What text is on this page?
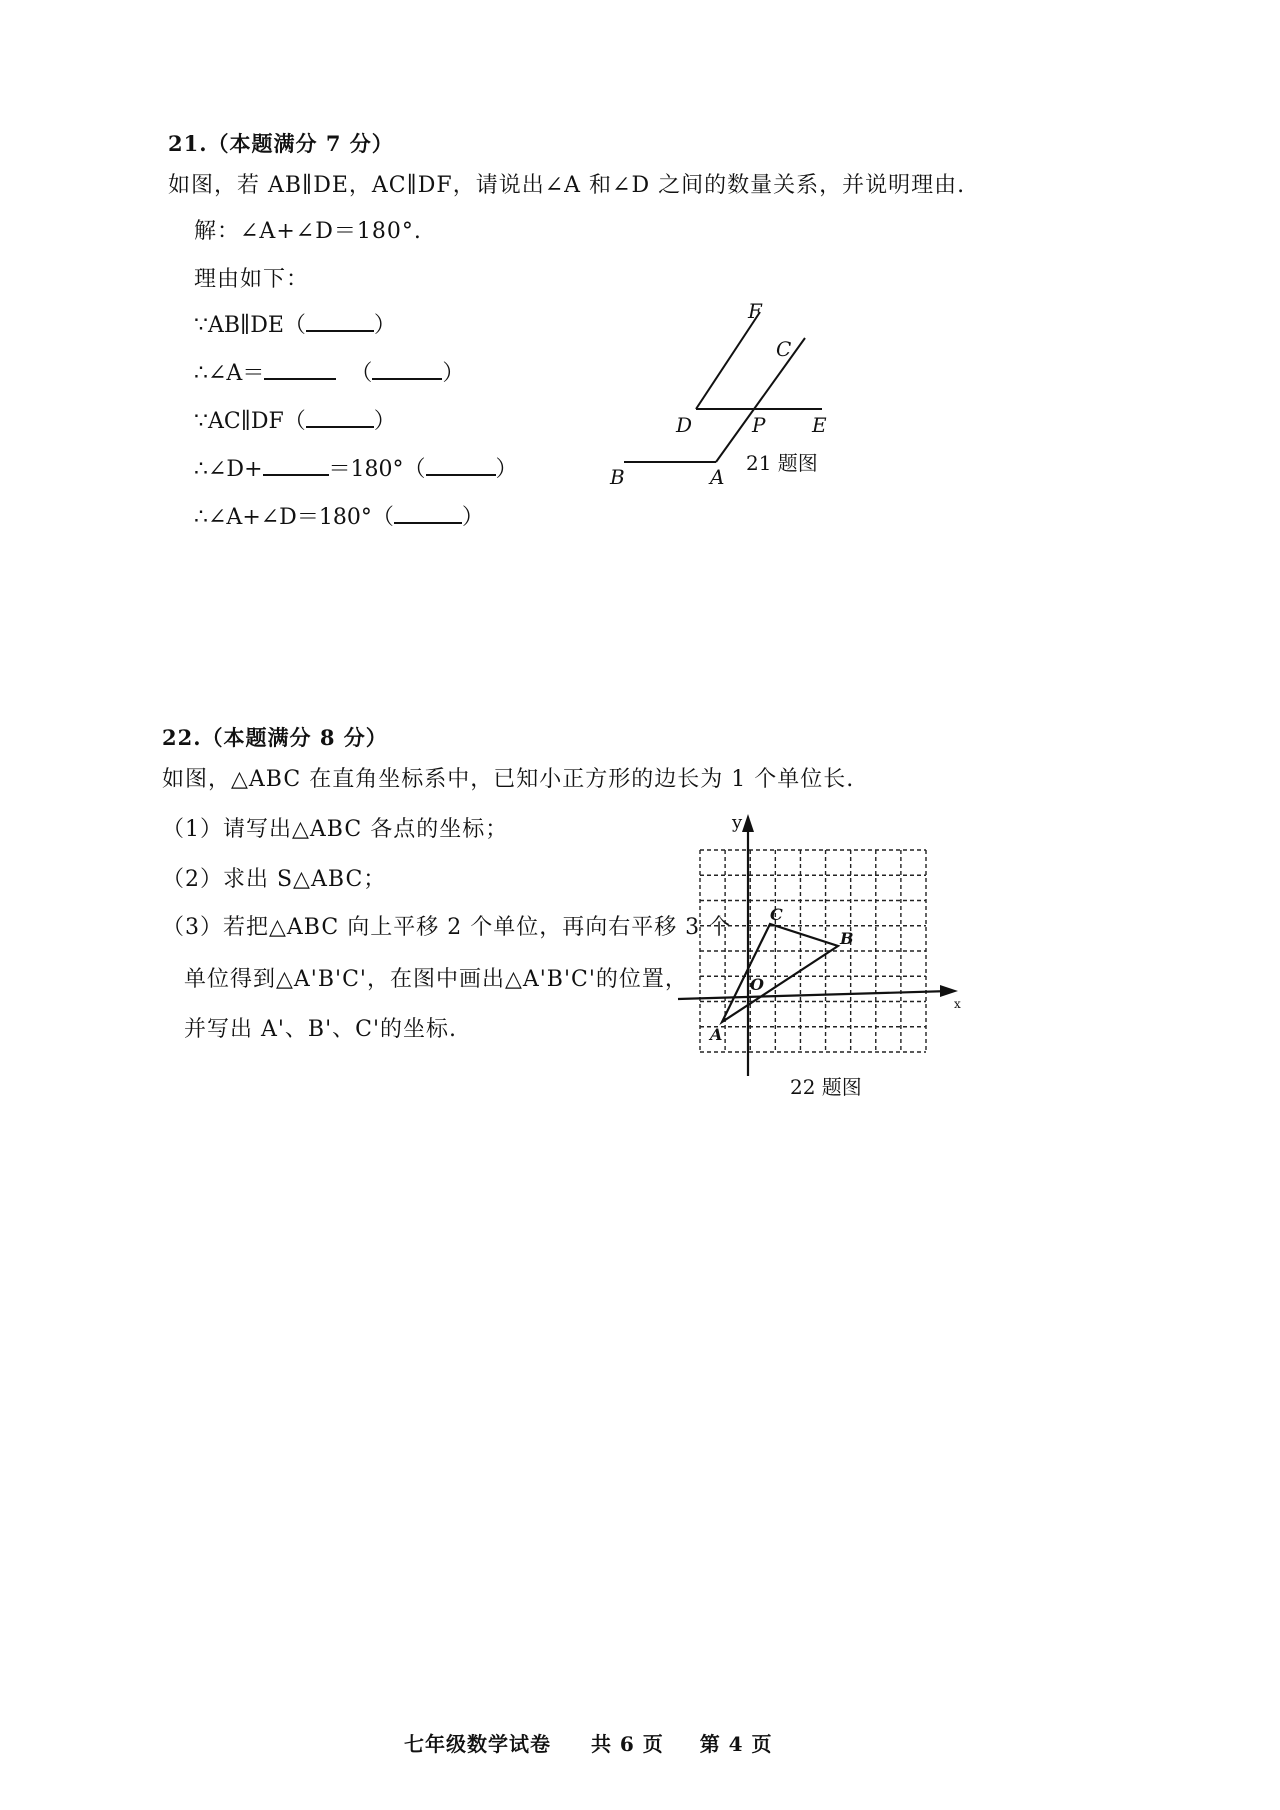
21.（本题满分 7 分）
如图，若 AB∥DE，AC∥DF，请说出∠A 和∠D 之间的数量关系，并说明理由.
解：∠A+∠D＝180°.
理由如下：
∵AB∥DE（	）
∴∠A＝	（	）
∵AC∥DF（	）
∴∠D+	＝180°（	）
∴∠A+∠D＝180°（	）
F
C
D	P E
B	A
21 题图
22.（本题满分 8 分）
如图，△ABC 在直角坐标系中，已知小正方形的边长为 1 个单位长.
（1）请写出△ABC 各点的坐标；
（2）求出 S△ABC；
（3）若把△ABC 向上平移 2 个单位，再向右平移 3 个
单位得到△A'B'C'，在图中画出△A'B'C'的位置，
并写出 A'、B'、C'的坐标.
y
x
O
A
B
C
22 题图
七年级数学试卷 共 6 页 第 4 页
